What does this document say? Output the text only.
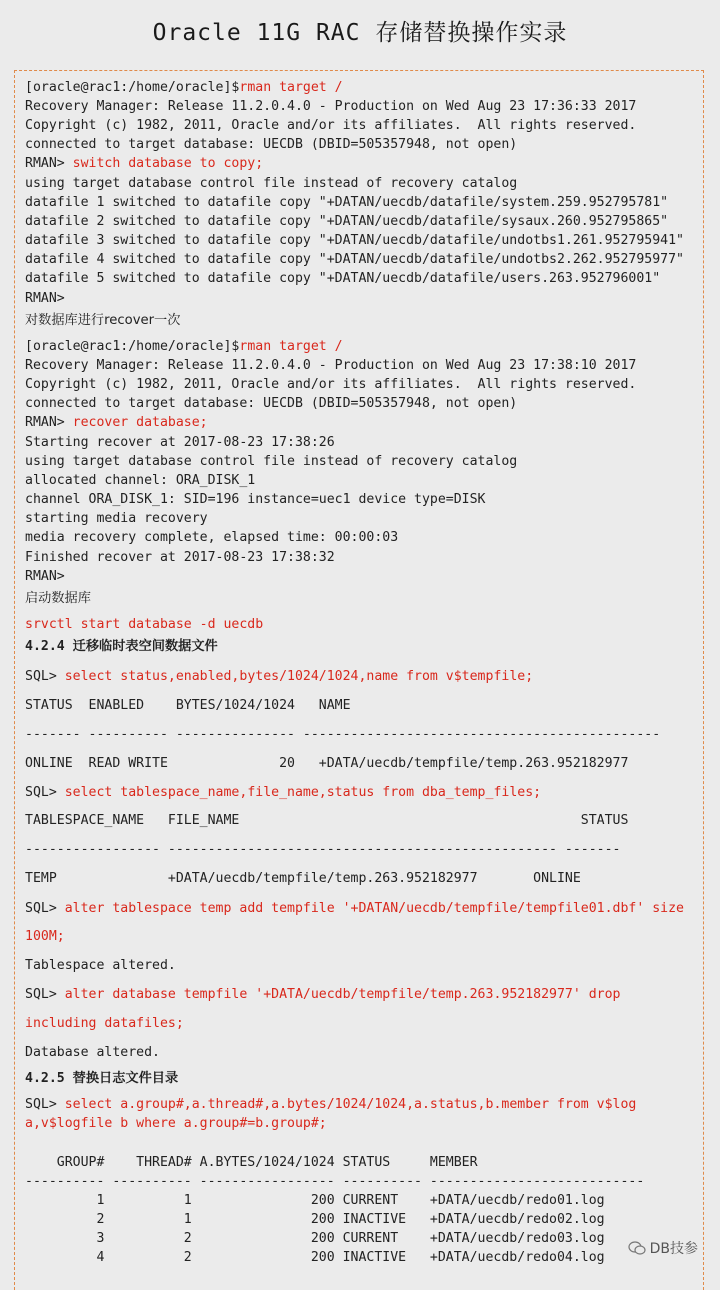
Oracle 11G RAC 存储替换操作实录
[oracle@rac1:/home/oracle]$rman target /
Recovery Manager: Release 11.2.0.4.0 - Production on Wed Aug 23 17:36:33 2017
Copyright (c) 1982, 2011, Oracle and/or its affiliates.  All rights reserved.
connected to target database: UECDB (DBID=505357948, not open)
RMAN> switch database to copy;
using target database control file instead of recovery catalog
datafile 1 switched to datafile copy "+DATAN/uecdb/datafile/system.259.952795781"
datafile 2 switched to datafile copy "+DATAN/uecdb/datafile/sysaux.260.952795865"
datafile 3 switched to datafile copy "+DATAN/uecdb/datafile/undotbs1.261.952795941"
datafile 4 switched to datafile copy "+DATAN/uecdb/datafile/undotbs2.262.952795977"
datafile 5 switched to datafile copy "+DATAN/uecdb/datafile/users.263.952796001"
RMAN>
对数据库进行recover一次
[oracle@rac1:/home/oracle]$rman target /
Recovery Manager: Release 11.2.0.4.0 - Production on Wed Aug 23 17:38:10 2017
Copyright (c) 1982, 2011, Oracle and/or its affiliates.  All rights reserved.
connected to target database: UECDB (DBID=505357948, not open)
RMAN> recover database;
Starting recover at 2017-08-23 17:38:26
using target database control file instead of recovery catalog
allocated channel: ORA_DISK_1
channel ORA_DISK_1: SID=196 instance=uec1 device type=DISK
starting media recovery
media recovery complete, elapsed time: 00:00:03
Finished recover at 2017-08-23 17:38:32
RMAN>
启动数据库
srvctl start database -d uecdb
4.2.4 迁移临时表空间数据文件
SQL> select status,enabled,bytes/1024/1024,name from v$tempfile;
STATUS  ENABLED    BYTES/1024/1024   NAME
------- ---------- --------------- ---------------------------------------------
ONLINE  READ WRITE              20   +DATA/uecdb/tempfile/temp.263.952182977
SQL> select tablespace_name,file_name,status from dba_temp_files;
TABLESPACE_NAME   FILE_NAME                                           STATUS
----------------- ------------------------------------------------- -------
TEMP              +DATA/uecdb/tempfile/temp.263.952182977       ONLINE
SQL> alter tablespace temp add tempfile '+DATAN/uecdb/tempfile/tempfile01.dbf' size
100M;
Tablespace altered.
SQL> alter database tempfile '+DATA/uecdb/tempfile/temp.263.952182977' drop
including datafiles;
Database altered.
4.2.5 替换日志文件目录
SQL> select a.group#,a.thread#,a.bytes/1024/1024,a.status,b.member from v$log
a,v$logfile b where a.group#=b.group#;
GROUP#    THREAD# A.BYTES/1024/1024 STATUS     MEMBER
---------- ---------- ----------------- ---------- ---------------------------
1          1               200 CURRENT    +DATA/uecdb/redo01.log
2          1               200 INACTIVE   +DATA/uecdb/redo02.log
3          2               200 CURRENT    +DATA/uecdb/redo03.log
4          2               200 INACTIVE   +DATA/uecdb/redo04.log
DB技参
